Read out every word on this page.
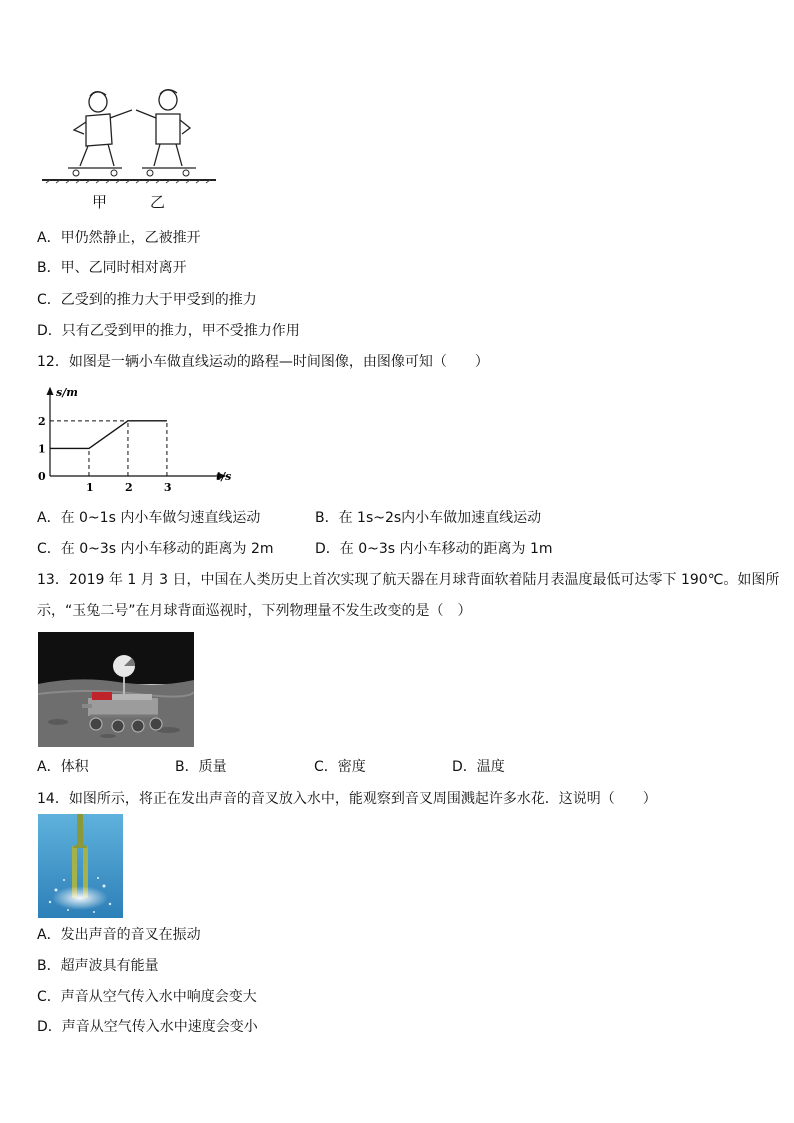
甲	乙
A．甲仍然静止，乙被推开
B．甲、乙同时相对离开
C．乙受到的推力大于甲受到的推力
D．只有乙受到甲的推力，甲不受推力作用
12．如图是一辆小车做直线运动的路程—时间图像，由图像可知（　　）
s/m
t/s
0
1	2	3
1
2
A．在 0~1s 内小车做匀速直线运动	B．在 1s~2s内小车做加速直线运动
C．在 0~3s 内小车移动的距离为 2m	D．在 0~3s 内小车移动的距离为 1m
13．2019 年 1 月 3 日，中国在人类历史上首次实现了航天器在月球背面软着陆月表温度最低可达零下 190℃。如图所
示，“玉兔二号”在月球背面巡视时，下列物理量不发生改变的是（　）
A．体积	B．质量	C．密度	D．温度
14．如图所示，将正在发出声音的音叉放入水中，能观察到音叉周围溅起许多水花．这说明（　　）
A．发出声音的音叉在振动
B．超声波具有能量
C．声音从空气传入水中响度会变大
D．声音从空气传入水中速度会变小
